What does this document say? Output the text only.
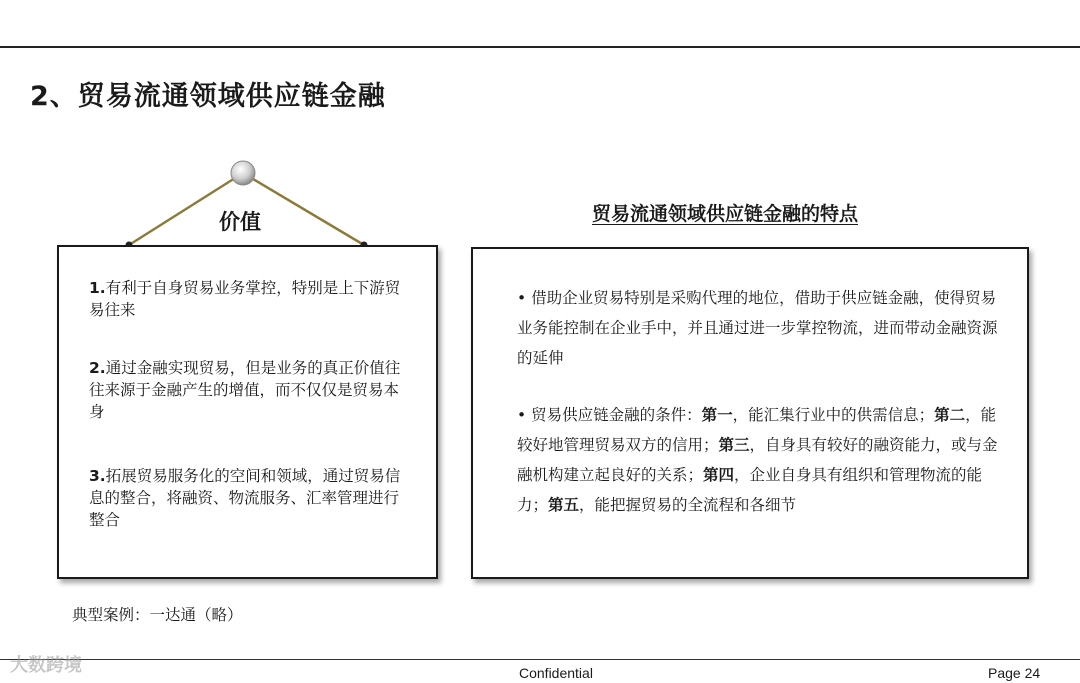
2、贸易流通领域供应链金融
价值
1.有利于自身贸易业务掌控，特别是上下游贸易往来
2.通过金融实现贸易，但是业务的真正价值往往来源于金融产生的增值，而不仅仅是贸易本身
3.拓展贸易服务化的空间和领域，通过贸易信息的整合，将融资、物流服务、汇率管理进行整合
贸易流通领域供应链金融的特点
• 借助企业贸易特别是采购代理的地位，借助于供应链金融，使得贸易业务能控制在企业手中，并且通过进一步掌控物流，进而带动金融资源的延伸
• 贸易供应链金融的条件：第一，能汇集行业中的供需信息；第二，能较好地管理贸易双方的信用；第三，自身具有较好的融资能力，或与金融机构建立起良好的关系；第四，企业自身具有组织和管理物流的能力；第五，能把握贸易的全流程和各细节
典型案例：一达通（略）
大数跨境	Confidential	Page 24
